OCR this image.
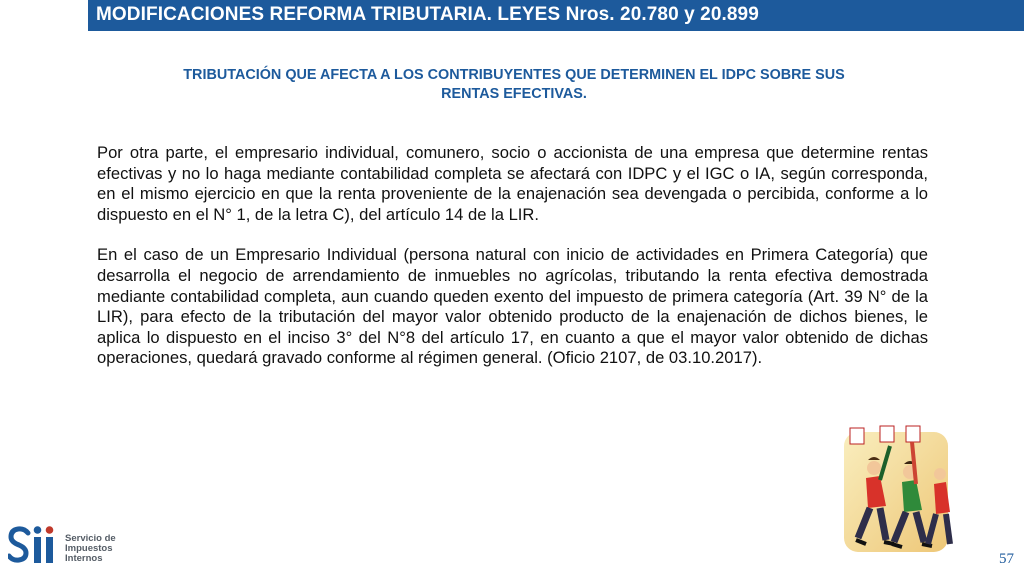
MODIFICACIONES REFORMA TRIBUTARIA. LEYES Nros. 20.780 y 20.899
TRIBUTACIÓN QUE AFECTA A LOS CONTRIBUYENTES QUE DETERMINEN EL IDPC SOBRE SUS
RENTAS EFECTIVAS.

Por otra parte, el empresario individual, comunero, socio o accionista de una empresa que determine rentas efectivas y no lo haga mediante contabilidad completa se afectará con IDPC y el IGC o IA, según corresponda, en el mismo ejercicio en que la renta proveniente de la enajenación sea devengada o percibida, conforme a lo dispuesto en el N° 1, de la letra C), del artículo 14 de la LIR.

En el caso de un Empresario Individual (persona natural con inicio de actividades en Primera Categoría) que desarrolla el negocio de arrendamiento de inmuebles no agrícolas, tributando la renta efectiva demostrada mediante contabilidad completa, aun cuando queden exento del impuesto de primera categoría (Art. 39 N° de la LIR), para efecto de la tributación del mayor valor obtenido producto de la enajenación de dichos bienes, le aplica lo dispuesto en el inciso 3° del N°8 del artículo 17, en cuanto a que el mayor valor obtenido de dichas operaciones, quedará gravado conforme al régimen general. (Oficio 2107, de 03.10.2017).

Servicio de
Impuestos
Internos	57
